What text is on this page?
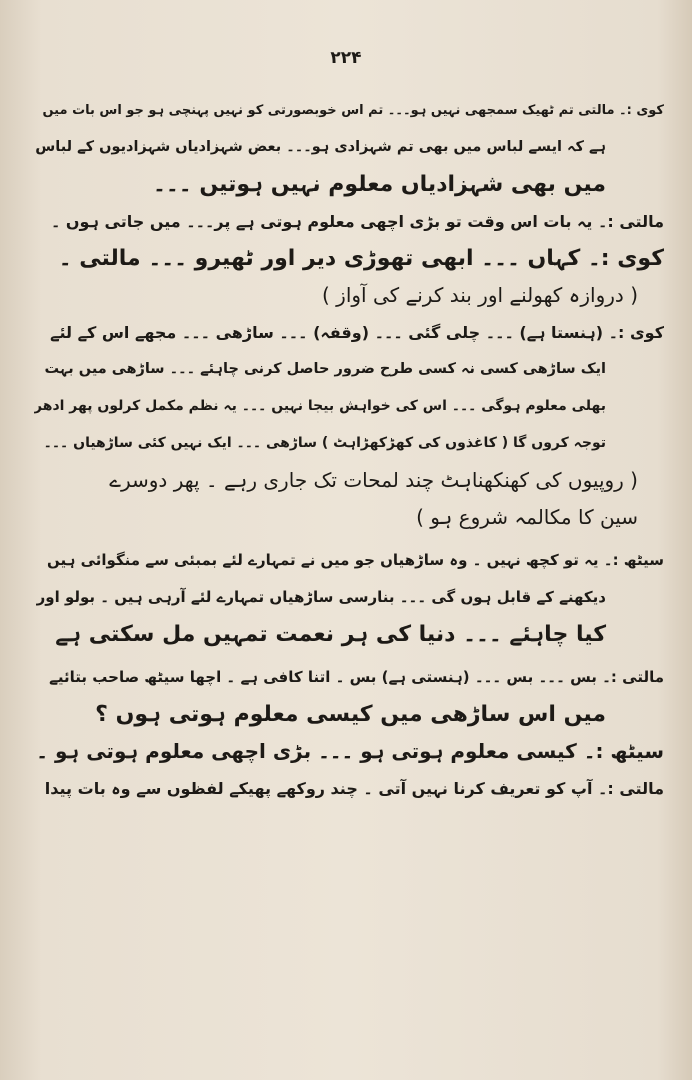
۲۲۴
کوی :۔ مالتی تم ٹھیک سمجھی نہیں ہو۔۔۔ تم اس خوبصورتی کو نہیں پہنچی ہو جو اس بات میں
ہے کہ ایسے لباس میں بھی تم شہزادی ہو۔۔۔ بعض شہزادیاں شہزادیوں کے لباس
میں بھی شہزادیاں معلوم نہیں ہوتیں ۔۔۔
مالتی :۔ یہ بات اس وقت تو بڑی اچھی معلوم ہوتی ہے پر۔۔۔ میں جاتی ہوں ۔
کوی :۔ کہاں ۔۔۔ ابھی تھوڑی دیر اور ٹھیرو ۔۔۔ مالتی ۔
( دروازہ کھولنے اور بند کرنے کی آواز )
کوی :۔ (ہنستا ہے) ۔۔۔ چلی گئی ۔۔۔ (وقفہ) ۔۔۔ ساڑھی ۔۔۔ مجھے اس کے لئے
ایک ساڑھی کسی نہ کسی طرح ضرور حاصل کرنی چاہئے ۔۔۔ ساڑھی میں بہت
بھلی معلوم ہوگی ۔۔۔ اس کی خواہش بیجا نہیں ۔۔۔ یہ نظم مکمل کرلوں پھر ادھر
توجہ کروں گا ( کاغذوں کی کھڑکھڑاہٹ ) ساڑھی ۔۔۔ ایک نہیں کئی ساڑھیاں ۔۔۔
( روپیوں کی کھنکھناہٹ چند لمحات تک جاری رہے ۔ پھر دوسرے
سین کا مکالمہ شروع ہو )
سیٹھ :۔ یہ تو کچھ نہیں ۔ وہ ساڑھیاں جو میں نے تمہارے لئے بمبئی سے منگوائی ہیں
دیکھنے کے قابل ہوں گی ۔۔۔ بنارسی ساڑھیاں تمہارے لئے آرہی ہیں ۔ بولو اور
کیا چاہئے ۔۔۔ دنیا کی ہر نعمت تمہیں مل سکتی ہے
مالتی :۔ بس ۔۔۔ بس ۔۔۔ (ہنستی ہے) بس ۔ اتنا کافی ہے ۔ اچھا سیٹھ صاحب بتائیے
میں اس ساڑھی میں کیسی معلوم ہوتی ہوں ؟
سیٹھ :۔ کیسی معلوم ہوتی ہو ۔۔۔ بڑی اچھی معلوم ہوتی ہو ۔
مالتی :۔ آپ کو تعریف کرنا نہیں آتی ۔ چند روکھے پھیکے لفظوں سے وہ بات پیدا
